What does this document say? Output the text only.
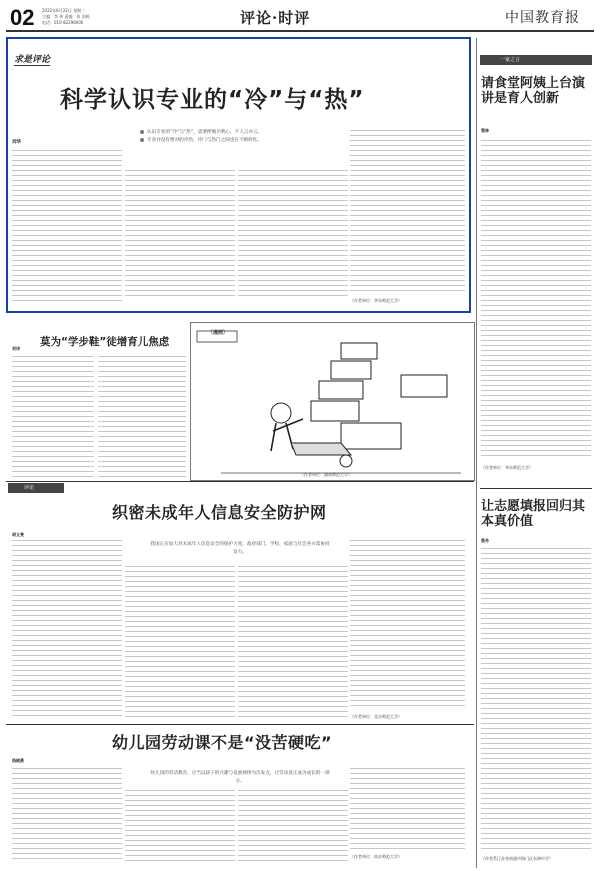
02 2022年6月22日 星期三
主编：李 伟 责编：张 国栋
电话：010-82296000	评论·时评	中国教育报
求是评论
科学认识专业的“冷”与“热”
认识专业的“冷”与“热”，需要摆脱功利心，不人云亦云。
专业并没有绝对的冷热，冷门与热门之间也在不断转化。
刘华
（作者单位：华东师范大学）
一家之言
请食堂阿姨上台演讲是育人创新
蔡林
（作者单位：华东师范大学）
让志愿填报回归其本真价值
蔡舟
（作者系江苏省南通市海门区东洲中学）
莫为“学步鞋”徒增育儿焦虑
刘诗
〔漫画〕
（作者单位：湖南师范大学）
评论
织密未成年人信息安全防护网
胡义亮
我国正在加大对未成年人信息安全的保护力度，政府部门、学校、家庭与社会各方需协同发力。
（作者单位：北京师范大学）
幼儿园劳动课不是“没苦硬吃”
钱晓燕
幼儿园的劳动教育，应当以孩子的兴趣与发展规律为出发点，让劳动真正成为成长的一部分。
（作者单位：南京师范大学）
